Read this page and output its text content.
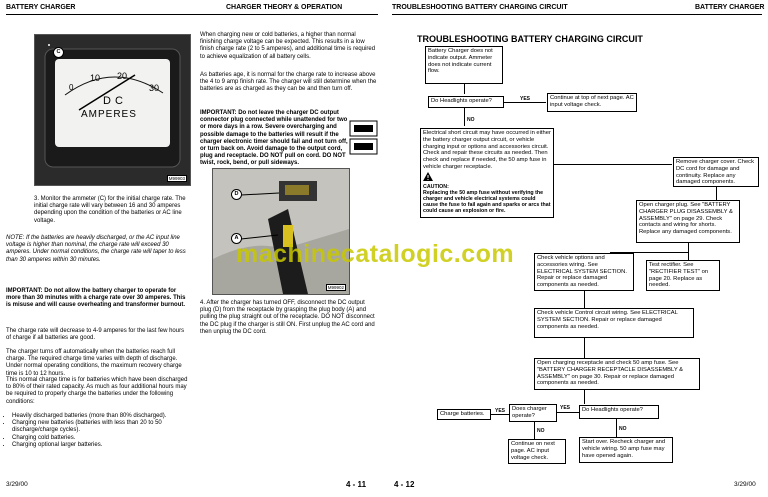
BATTERY CHARGER	CHARGER THEORY & OPERATION
C
0
10 20
30
DC
AMPERES
M99903
When charging new or cold batteries, a higher than normal finishing charge voltage can be expected. This results in a low finish charge rate (2 to 5 amperes), and additional time is required to achieve equalization of all battery cells.
As batteries age, it is normal for the charge rate to increase above the 4 to 9 amp finish rate. The charger will still determine when the batteries are as charged as they can be and then turn off.
IMPORTANT: Do not leave the charger DC output connector plug connected while unattended for two or more days in a row. Severe overcharging and possible damage to the batteries will result if the charger electronic timer should fail and not turn off, or turn back on. Avoid damage to the output cord, plug and receptacle. DO NOT pull on cord. DO NOT twist, rock, bend, or pull sideways.
3. Monitor the ammeter (C) for the initial charge rate. The initial charge rate will vary between 16 and 30 amperes depending upon the condition of the batteries or AC line voltage.
NOTE: If the batteries are heavily discharged, or the AC input line voltage is higher than nominal, the charge rate will exceed 30 amperes. Under normal conditions, the charge rate will taper to less than 30 amperes within 30 minutes.
IMPORTANT: Do not allow the battery charger to operate for more than 30 minutes with a charge rate over 30 amperes. This is misuse and will cause overheating and transformer burnout.
The charge rate will decrease to 4-9 amperes for the last few hours of charge if all batteries are good.
The charger turns off automatically when the batteries reach full charge. The required charge time varies with depth of discharge. Under normal operating conditions, the maximum recovery charge time is 10 to 12 hours.
This normal charge time is for batteries which have been discharged to 80% of their rated capacity. As much as four additional hours may be required to properly charge the batteries under the following conditions:
• Heavily discharged batteries (more than 80% discharged).
• Charging new batteries (batteries with less than 20 to 50 discharge/charge cycles).
• Charging cold batteries.
• Charging optional larger batteries.
D
A
M99902
4. After the charger has turned OFF, disconnect the DC output plug (D) from the receptacle by grasping the plug body (A) and pulling the plug straight out of the receptacle. DO NOT disconnect the DC plug if the charger is still ON. First unplug the AC cord and then unplug the DC cord.
3/29/00	4 - 11
TROUBLESHOOTING BATTERY CHARGING CIRCUIT	BATTERY CHARGER
TROUBLESHOOTING BATTERY CHARGING CIRCUIT
Battery Charger does not indicate output. Ammeter does not indicate current flow.
Do Headlights operate?	YES	Continue at top of next page. AC input voltage check.
NO
Electrical short circuit may have occurred in either the battery charger output circuit, or vehicle charging input or options and accessories circuit. Check and repair these circuits as needed. Then check and replace if needed, the 50 amp fuse in vehicle charger receptacle.
CAUTION:
Replacing the 50 amp fuse without verifying the charger and vehicle electrical systems could cause the fuse to fail again and sparks or arcs that could cause an explosion or fire.
Remove charger cover. Check DC cord for damage and continuity. Replace any damaged components.
Open charger plug. See "BATTERY CHARGER PLUG DISASSEMBLY & ASSEMBLY" on page 29. Check contacts and wiring for shorts. Replace any damaged components.
Check vehicle options and accessories wiring. See ELECTRICAL SYSTEM SECTION. Repair or replace damaged components as needed.
Test rectifier. See "RECTIFIER TEST" on page 20. Replace as needed.
Check vehicle Control circuit wiring. See ELECTRICAL SYSTEM SECTION. Repair or replace damaged components as needed.
Open charging receptacle and check 50 amp fuse. See "BATTERY CHARGER RECEPTACLE DISASSEMBLY & ASSEMBLY" on page 30. Repair or replace damaged components as needed.
Charge batteries.	YES	Does charger operate?
YES	Do Headlights operate?
NO	NO
Continue on next page. AC input voltage check.
Start over. Recheck charger and vehicle wiring. 50 amp fuse may have opened again.
4 - 12	3/29/00
machinecatalogic.com
